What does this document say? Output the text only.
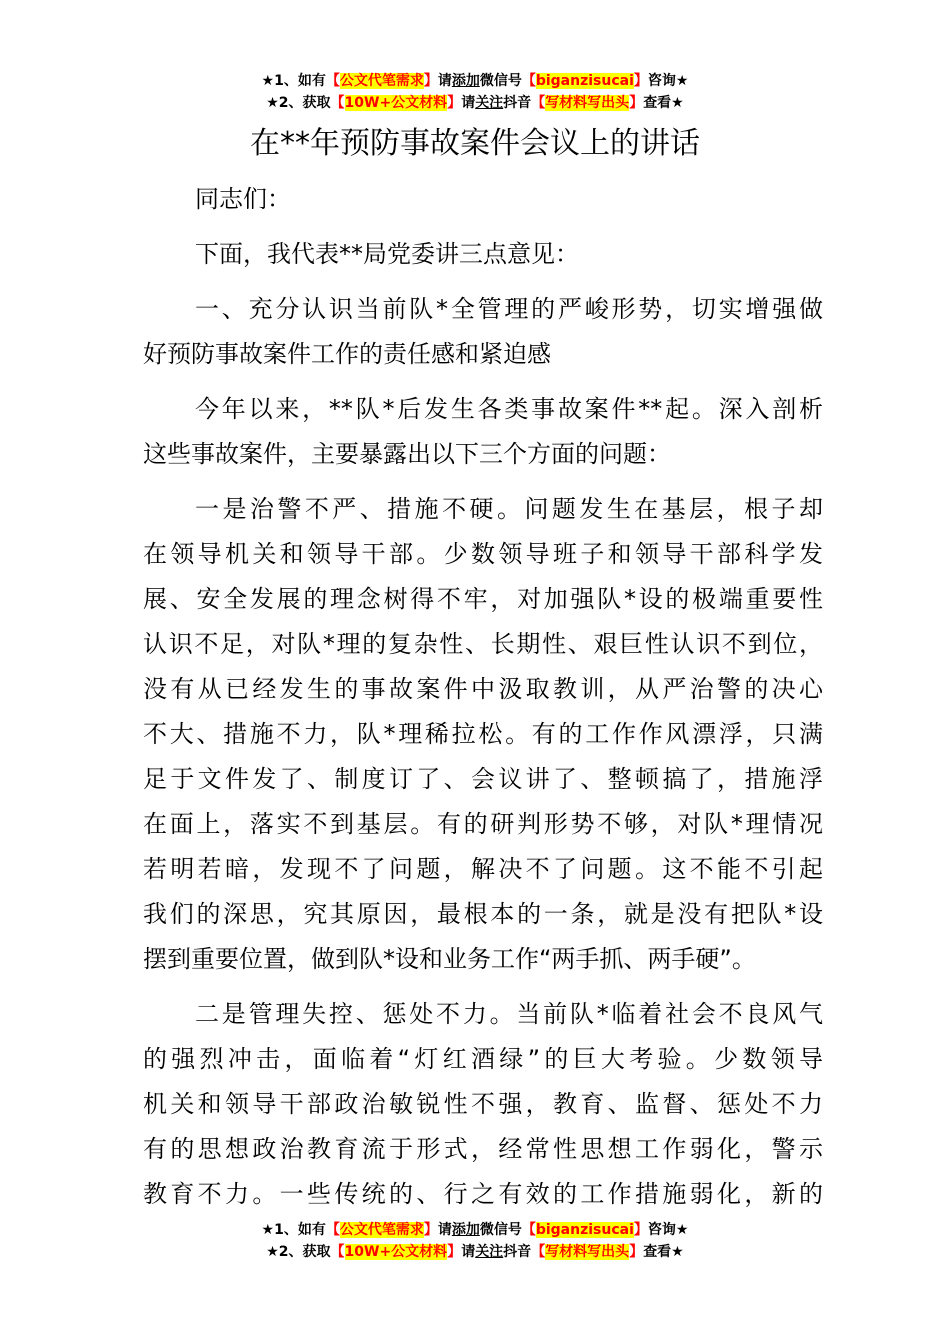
★1、如有【公文代笔需求】请添加微信号【biganzisucai】咨询★
★2、获取【10W+公文材料】请关注抖音【写材料写出头】查看★
在**年预防事故案件会议上的讲话
同志们：
下面，我代表**局党委讲三点意见：
一、充分认识当前队*全管理的严峻形势，切实增强做
好预防事故案件工作的责任感和紧迫感
今年以来，**队*后发生各类事故案件**起。深入剖析
这些事故案件，主要暴露出以下三个方面的问题：
一是治警不严、措施不硬。问题发生在基层，根子却
在领导机关和领导干部。少数领导班子和领导干部科学发
展、安全发展的理念树得不牢，对加强队*设的极端重要性
认识不足，对队*理的复杂性、长期性、艰巨性认识不到位，
没有从已经发生的事故案件中汲取教训，从严治警的决心
不大、措施不力，队*理稀拉松。有的工作作风漂浮，只满
足于文件发了、制度订了、会议讲了、整顿搞了，措施浮
在面上，落实不到基层。有的研判形势不够，对队*理情况
若明若暗，发现不了问题，解决不了问题。这不能不引起
我们的深思，究其原因，最根本的一条，就是没有把队*设
摆到重要位置，做到队*设和业务工作“两手抓、两手硬”。
二是管理失控、惩处不力。当前队*临着社会不良风气
的强烈冲击，面临着“灯红酒绿”的巨大考验。少数领导
机关和领导干部政治敏锐性不强，教育、监督、惩处不力
有的思想政治教育流于形式，经常性思想工作弱化，警示
教育不力。一些传统的、行之有效的工作措施弱化，新的
★1、如有【公文代笔需求】请添加微信号【biganzisucai】咨询★
★2、获取【10W+公文材料】请关注抖音【写材料写出头】查看★
